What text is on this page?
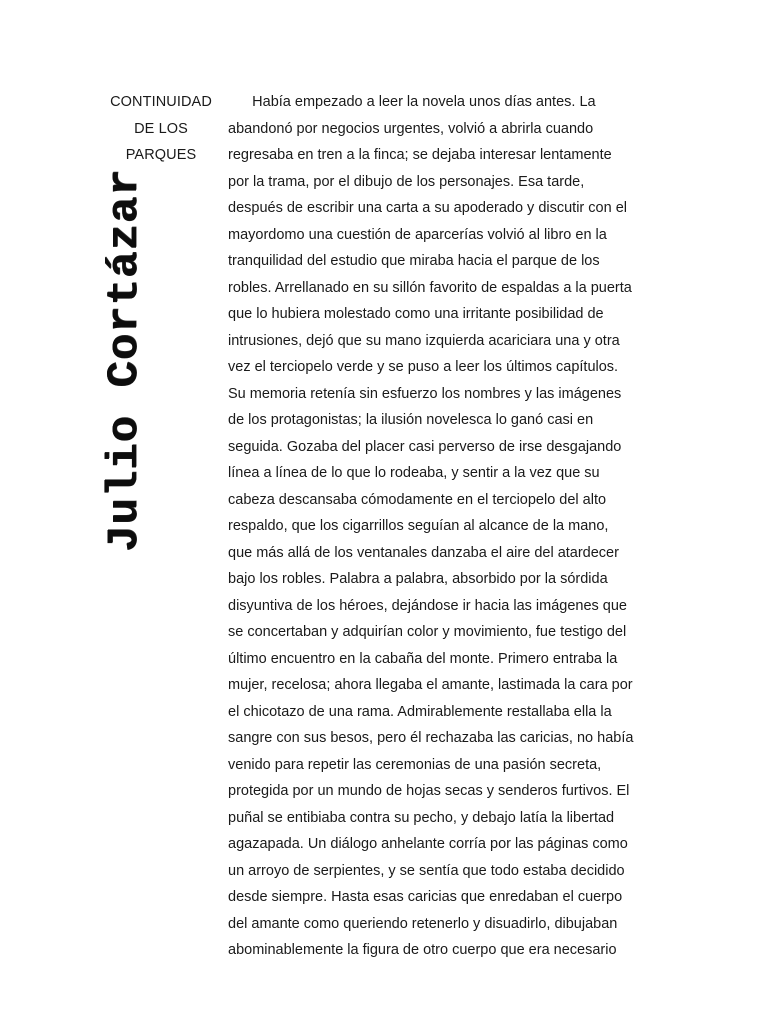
CONTINUIDAD
DE LOS
PARQUES
Julio Cortázar
Había empezado a leer la novela unos días antes. La
abandonó por negocios urgentes, volvió a abrirla cuando
regresaba en tren a la finca; se dejaba interesar lentamente
por la trama, por el dibujo de los personajes. Esa tarde,
después de escribir una carta a su apoderado y discutir con el
mayordomo una cuestión de aparcerías volvió al libro en la
tranquilidad del estudio que miraba hacia el parque de los
robles. Arrellanado en su sillón favorito de espaldas a la puerta
que lo hubiera molestado como una irritante posibilidad de
intrusiones, dejó que su mano izquierda acariciara una y otra
vez el terciopelo verde y se puso a leer los últimos capítulos.
Su memoria retenía sin esfuerzo los nombres y las imágenes
de los protagonistas; la ilusión novelesca lo ganó casi en
seguida. Gozaba del placer casi perverso de irse desgajando
línea a línea de lo que lo rodeaba, y sentir a la vez que su
cabeza descansaba cómodamente en el terciopelo del alto
respaldo, que los cigarrillos seguían al alcance de la mano,
que más allá de los ventanales danzaba el aire del atardecer
bajo los robles. Palabra a palabra, absorbido por la sórdida
disyuntiva de los héroes, dejándose ir hacia las imágenes que
se concertaban y adquirían color y movimiento, fue testigo del
último encuentro en la cabaña del monte. Primero entraba la
mujer, recelosa; ahora llegaba el amante, lastimada la cara por
el chicotazo de una rama. Admirablemente restallaba ella la
sangre con sus besos, pero él rechazaba las caricias, no había
venido para repetir las ceremonias de una pasión secreta,
protegida por un mundo de hojas secas y senderos furtivos. El
puñal se entibiaba contra su pecho, y debajo latía la libertad
agazapada. Un diálogo anhelante corría por las páginas como
un arroyo de serpientes, y se sentía que todo estaba decidido
desde siempre. Hasta esas caricias que enredaban el cuerpo
del amante como queriendo retenerlo y disuadirlo, dibujaban
abominablemente la figura de otro cuerpo que era necesario
